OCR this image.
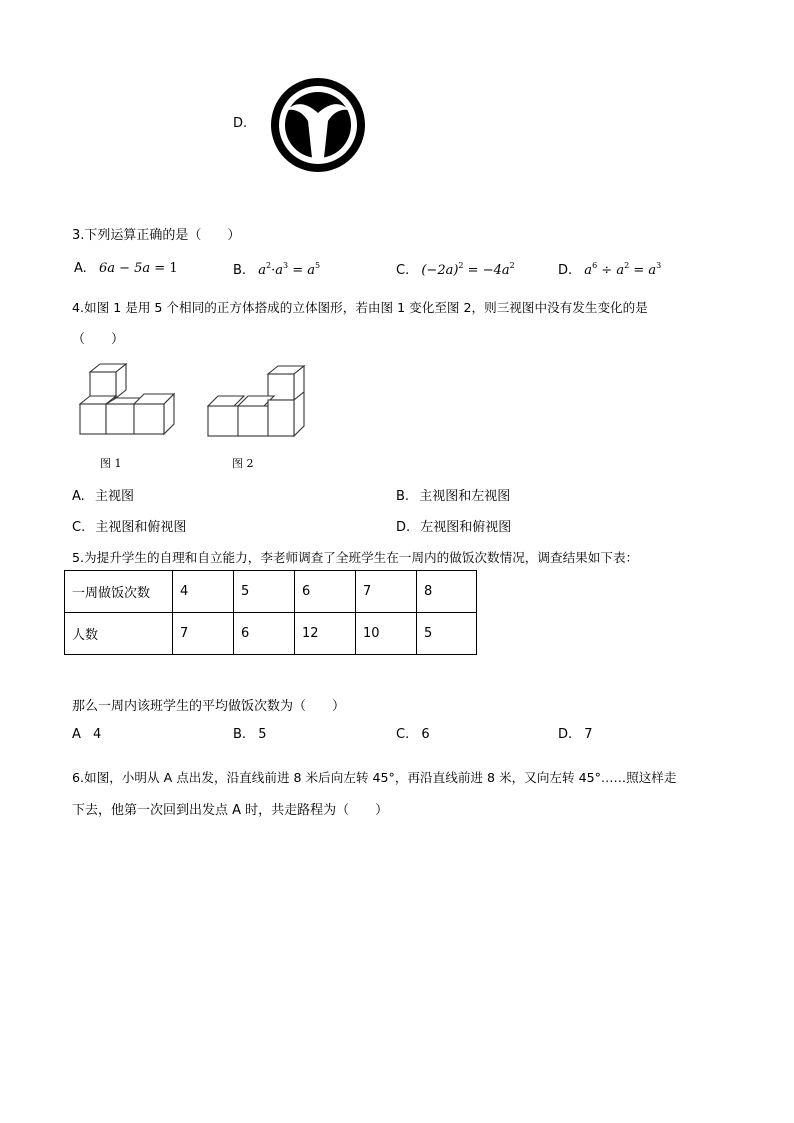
D.
3.下列运算正确的是（　　）
A. 6a − 5a = 1	B. $a^2\cdot a^3 = a^5$	C. $(-2a)^2 = -4a^2$	D. $a^6 \div a^2 = a^3$
4.如图 1 是用 5 个相同的正方体搭成的立体图形，若由图 1 变化至图 2，则三视图中没有发生变化的是
（　　）
图 1	图 2
A. 主视图	B. 主视图和左视图
C. 主视图和俯视图	D. 左视图和俯视图
5.为提升学生的自理和自立能力，李老师调查了全班学生在一周内的做饭次数情况，调查结果如下表：
一周做饭次数	4	5	6	7	8
人数	7	6	12	10	5
那么一周内该班学生的平均做饭次数为（　　）
A 4	B. 5	C. 6	D. 7
6.如图，小明从 A 点出发，沿直线前进 8 米后向左转 45°，再沿直线前进 8 米，又向左转 45°……照这样走
下去，他第一次回到出发点 A 时，共走路程为（　　）
